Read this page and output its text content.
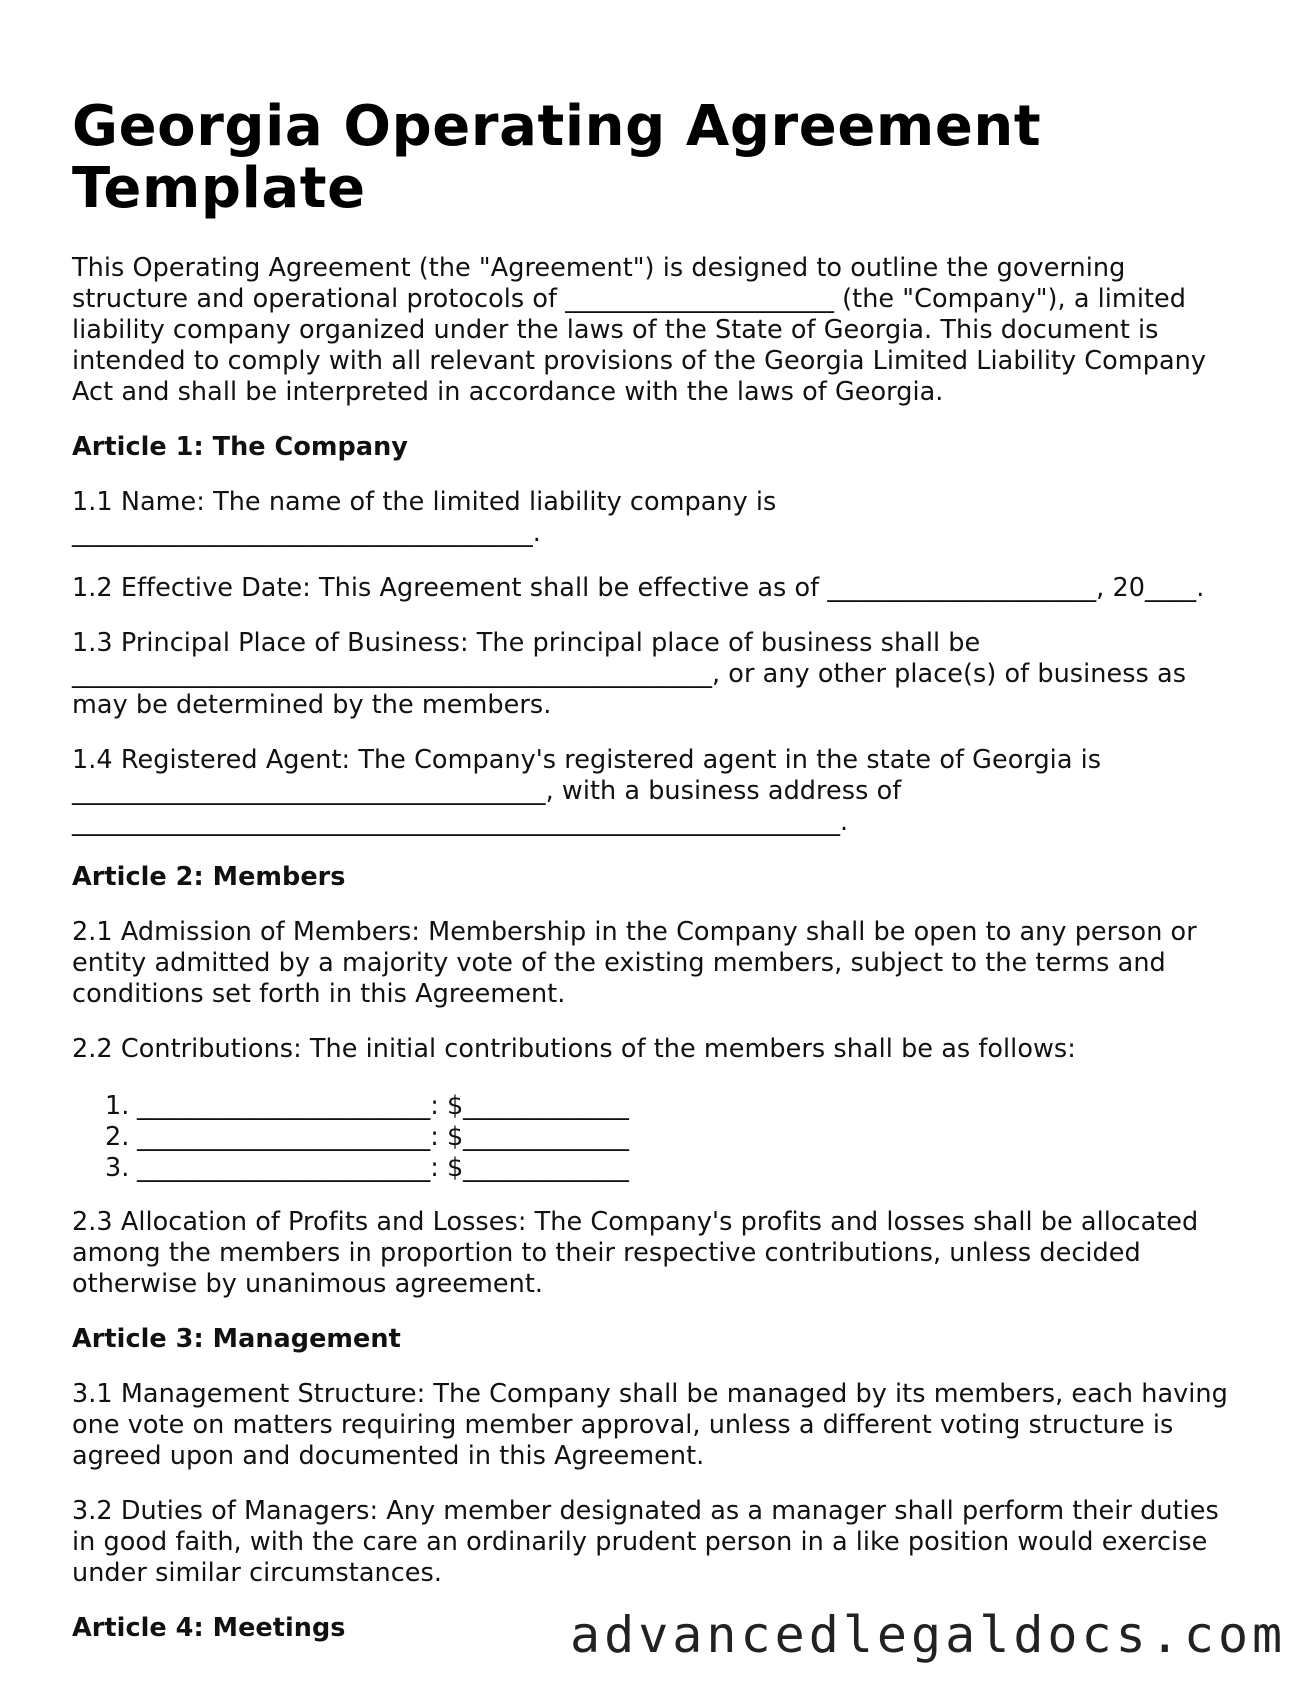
Georgia Operating Agreement Template

This Operating Agreement (the "Agreement") is designed to outline the governing structure and operational protocols of _____________________ (the "Company"), a limited liability company organized under the laws of the State of Georgia. This document is intended to comply with all relevant provisions of the Georgia Limited Liability Company Act and shall be interpreted in accordance with the laws of Georgia.

Article 1: The Company

1.1 Name: The name of the limited liability company is ____________________________________.

1.2 Effective Date: This Agreement shall be effective as of _____________________, 20____.

1.3 Principal Place of Business: The principal place of business shall be __________________________________________________, or any other place(s) of business as may be determined by the members.

1.4 Registered Agent: The Company's registered agent in the state of Georgia is _____________________________________, with a business address of ____________________________________________________________.

Article 2: Members

2.1 Admission of Members: Membership in the Company shall be open to any person or entity admitted by a majority vote of the existing members, subject to the terms and conditions set forth in this Agreement.

2.2 Contributions: The initial contributions of the members shall be as follows:

1. _______________________: $_____________
2. _______________________: $_____________
3. _______________________: $_____________

2.3 Allocation of Profits and Losses: The Company's profits and losses shall be allocated among the members in proportion to their respective contributions, unless decided otherwise by unanimous agreement.

Article 3: Management

3.1 Management Structure: The Company shall be managed by its members, each having one vote on matters requiring member approval, unless a different voting structure is agreed upon and documented in this Agreement.

3.2 Duties of Managers: Any member designated as a manager shall perform their duties in good faith, with the care an ordinarily prudent person in a like position would exercise under similar circumstances.

Article 4: Meetings	advancedlegaldocs.com
